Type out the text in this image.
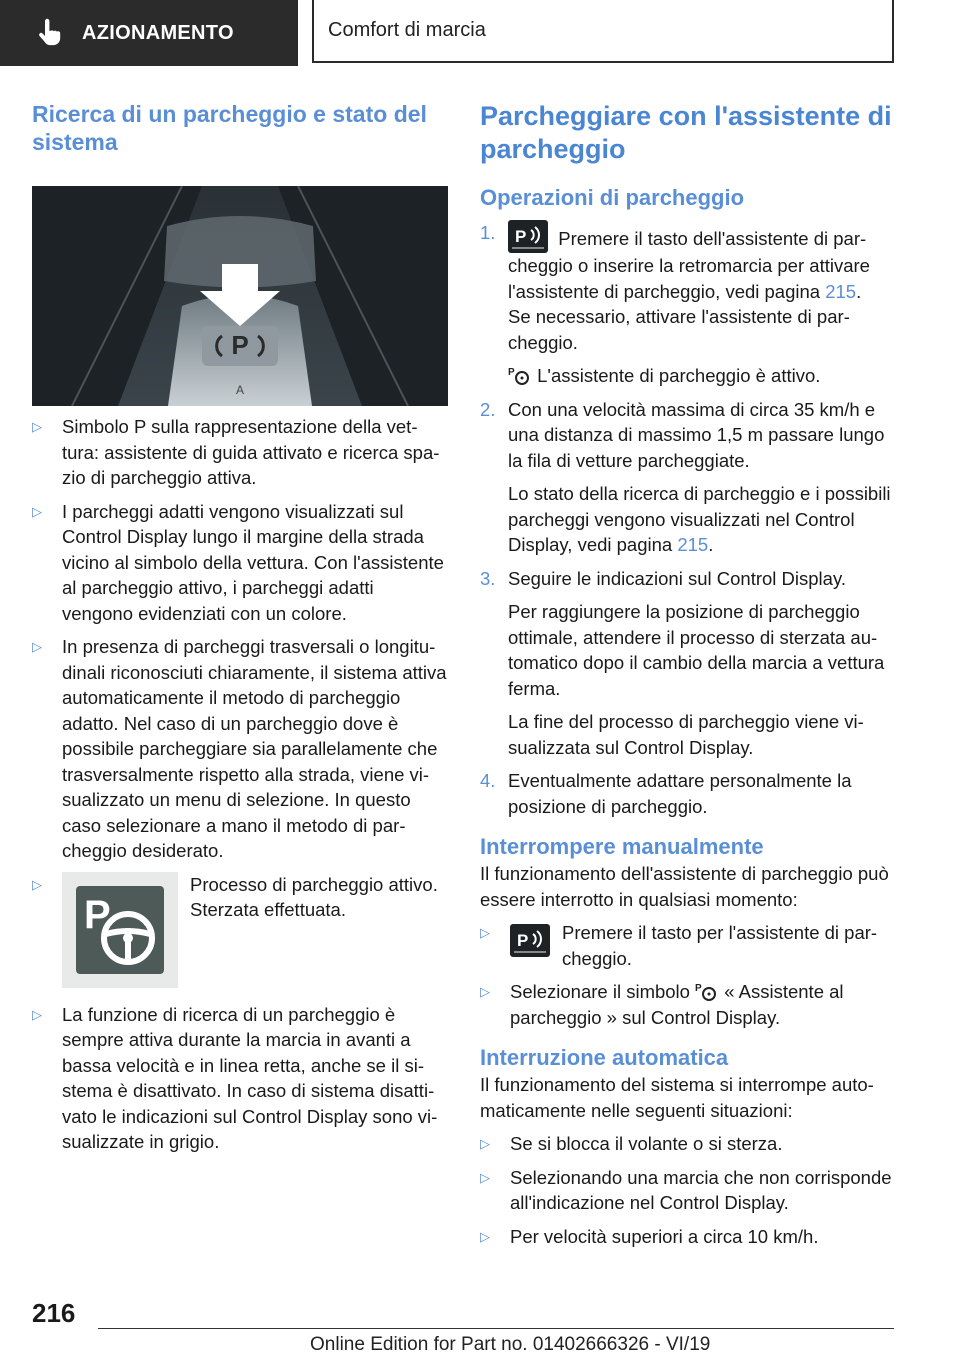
AZIONAMENTO	Comfort di marcia
Ricerca di un parcheggio e stato del sistema
P
A
▷	Simbolo P sulla rappresentazione della vettura: assistente di guida attivato e ricerca spazio di parcheggio attiva.

▷	I parcheggi adatti vengono visualizzati sul Control Display lungo il margine della strada vicino al simbolo della vettura. Con l'assistente al parcheggio attivo, i parcheggi adatti vengono evidenziati con un colore.

▷	In presenza di parcheggi trasversali o longitudinali riconosciuti chiaramente, il sistema attiva automaticamente il metodo di parcheggio adatto. Nel caso di un parcheggio dove è possibile parcheggiare sia parallelamente che trasversalmente rispetto alla strada, viene visualizzato un menu di selezione. In questo caso selezionare a mano il metodo di parcheggio desiderato.

▷
P

Processo di parcheggio attivo. Sterzata effettuata.

▷	La funzione di ricerca di un parcheggio è sempre attiva durante la marcia in avanti a bassa velocità e in linea retta, anche se il sistema è disattivato. In caso di sistema disattivato le indicazioni sul Control Display sono visualizzate in grigio.

Parcheggiare con l'assistente di parcheggio
Operazioni di parcheggio
1.	P Premere il tasto dell'assistente di parcheggio o inserire la retromarcia per attivare l'assistente di parcheggio, vedi pagina 215.

Se necessario, attivare l'assistente di parcheggio.

P L'assistente di parcheggio è attivo.

2. Con una velocità massima di circa 35 km/h e una distanza di massimo 1,5 m passare lungo la fila di vetture parcheggiate.

Lo stato della ricerca di parcheggio e i possibili parcheggi vengono visualizzati nel Control Display, vedi pagina 215.

3. Seguire le indicazioni sul Control Display.

Per raggiungere la posizione di parcheggio ottimale, attendere il processo di sterzata automatico dopo il cambio della marcia a vettura ferma.

La fine del processo di parcheggio viene visualizzata sul Control Display.

4. Eventualmente adattare personalmente la posizione di parcheggio.

Interrompere manualmente

Il funzionamento dell'assistente di parcheggio può essere interrotto in qualsiasi momento:

▷	P Premere il tasto per l'assistente di parcheggio.

▷	Selezionare il simbolo P « Assistente al parcheggio » sul Control Display.

Interruzione automatica

Il funzionamento del sistema si interrompe automaticamente nelle seguenti situazioni:

▷	Se si blocca il volante o si sterza.

▷	Selezionando una marcia che non corrisponde all'indicazione nel Control Display.

▷	Per velocità superiori a circa 10 km/h.

216
Online Edition for Part no. 01402666326 - VI/19
